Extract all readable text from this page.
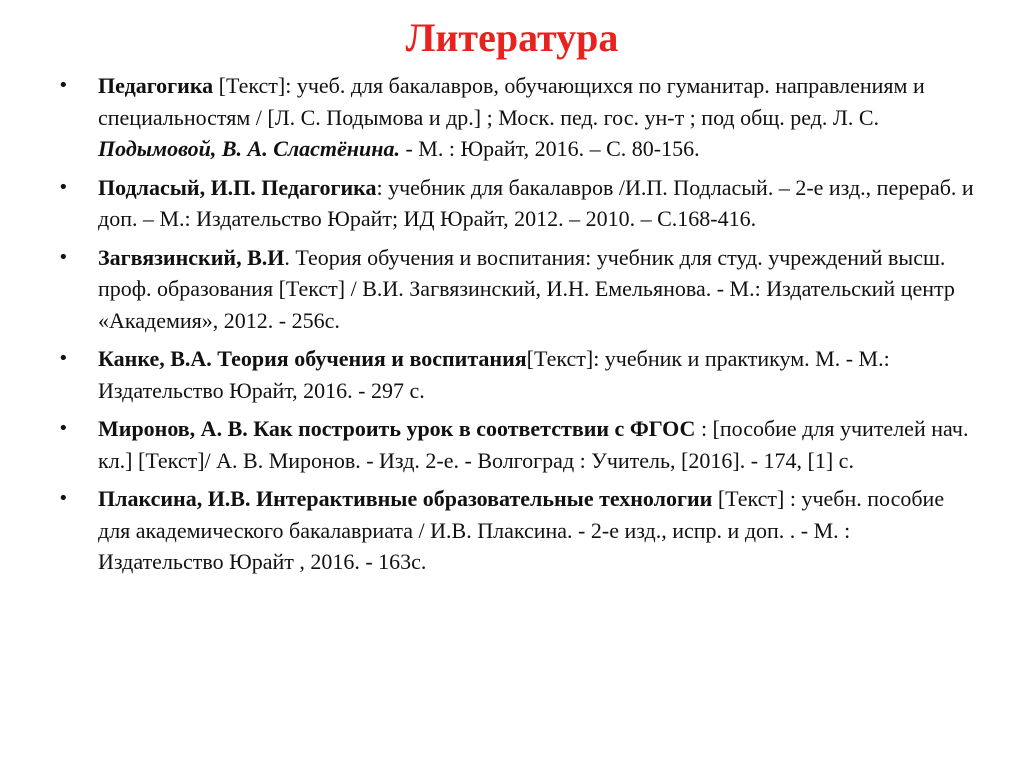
Литература
• Педагогика [Текст]: учеб. для бакалавров, обучающихся по гуманитар. направлениям и специальностям / [Л. С. Подымова и др.] ; Моск. пед. гос. ун-т ; под общ. ред. Л. С. Подымовой, В. А. Сластёнина. - М. : Юрайт, 2016. – С. 80-156.
• Подласый, И.П. Педагогика: учебник для бакалавров /И.П. Подласый. – 2-е изд., перераб. и доп. – М.: Издательство Юрайт; ИД Юрайт, 2012. – 2010. – С.168-416.
• Загвязинский, В.И. Теория обучения и воспитания: учебник для студ. учреждений высш. проф. образования [Текст] / В.И. Загвязинский, И.Н. Емельянова. - М.: Издательский центр «Академия», 2012. - 256с.
• Канке, В.А. Теория обучения и воспитания[Текст]: учебник и практикум. М. - М.: Издательство Юрайт, 2016. - 297 с.
• Миронов, А. В. Как построить урок в соответствии с ФГОС : [пособие для учителей нач. кл.] [Текст]/ А. В. Миронов. - Изд. 2-е. - Волгоград : Учитель, [2016]. - 174, [1] с.
• Плаксина, И.В. Интерактивные образовательные технологии [Текст] : учебн. пособие для академического бакалавриата / И.В. Плаксина. - 2-е изд., испр. и доп. . - М. : Издательство Юрайт , 2016. - 163с.
